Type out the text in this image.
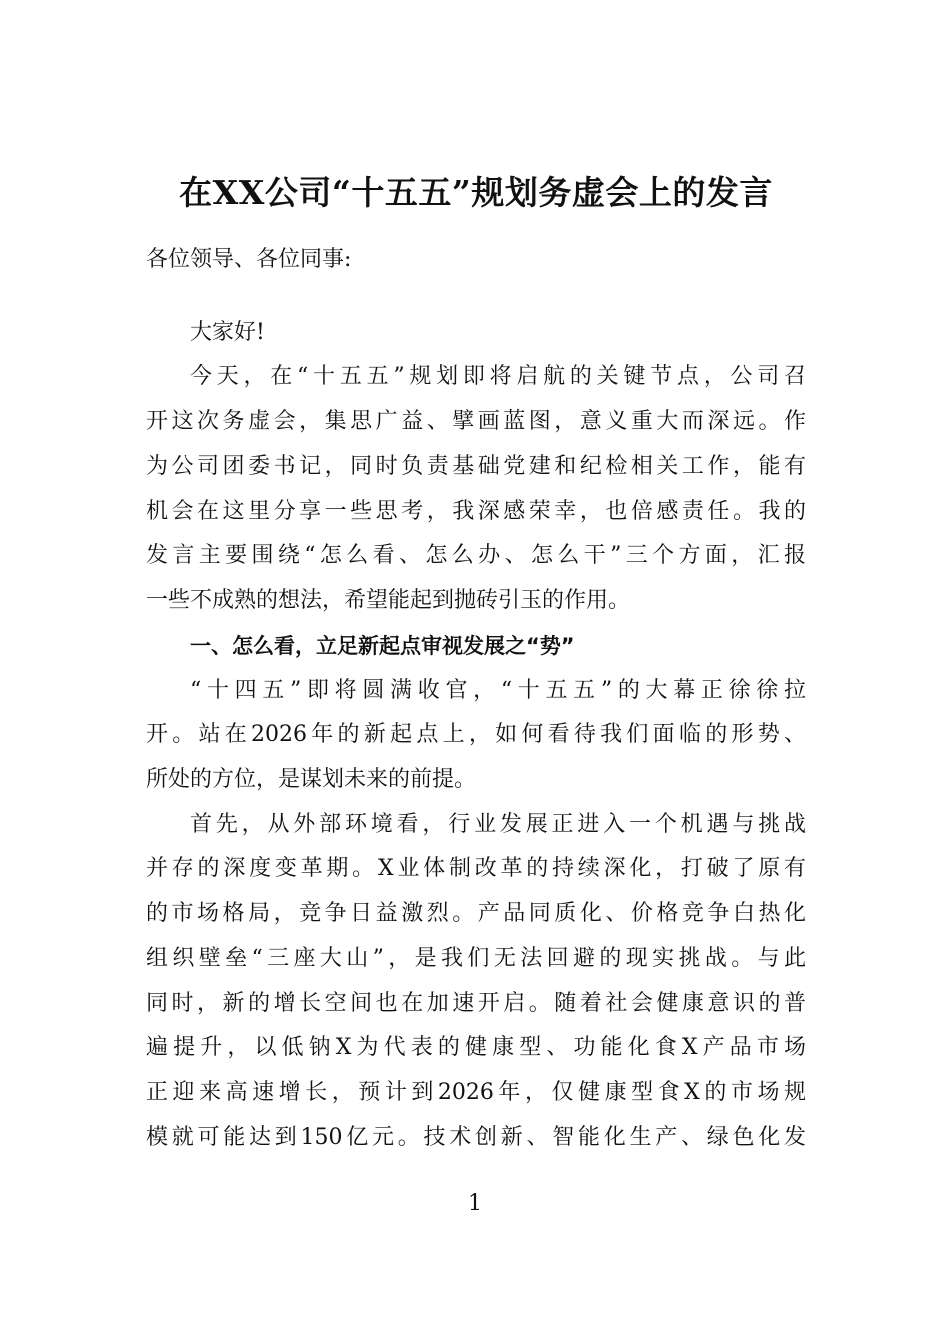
在XX公司“十五五”规划务虚会上的发言
各位领导、各位同事:
大家好!
今天，在“十五五”规划即将启航的关键节点，公司召
开这次务虚会，集思广益、擘画蓝图，意义重大而深远。作
为公司团委书记，同时负责基础党建和纪检相关工作，能有
机会在这里分享一些思考，我深感荣幸，也倍感责任。我的
发言主要围绕“怎么看、怎么办、怎么干”三个方面，汇报
一些不成熟的想法，希望能起到抛砖引玉的作用。
一、怎么看，立足新起点审视发展之“势”
“十四五”即将圆满收官，“十五五”的大幕正徐徐拉
开。站在2026年的新起点上，如何看待我们面临的形势、
所处的方位，是谋划未来的前提。
首先，从外部环境看，行业发展正进入一个机遇与挑战
并存的深度变革期。X业体制改革的持续深化，打破了原有
的市场格局，竞争日益激烈。产品同质化、价格竞争白热化
组织壁垒“三座大山”，是我们无法回避的现实挑战。与此
同时，新的增长空间也在加速开启。随着社会健康意识的普
遍提升，以低钠X为代表的健康型、功能化食X产品市场
正迎来高速增长，预计到2026年，仅健康型食X的市场规
模就可能达到150亿元。技术创新、智能化生产、绿色化发
1
